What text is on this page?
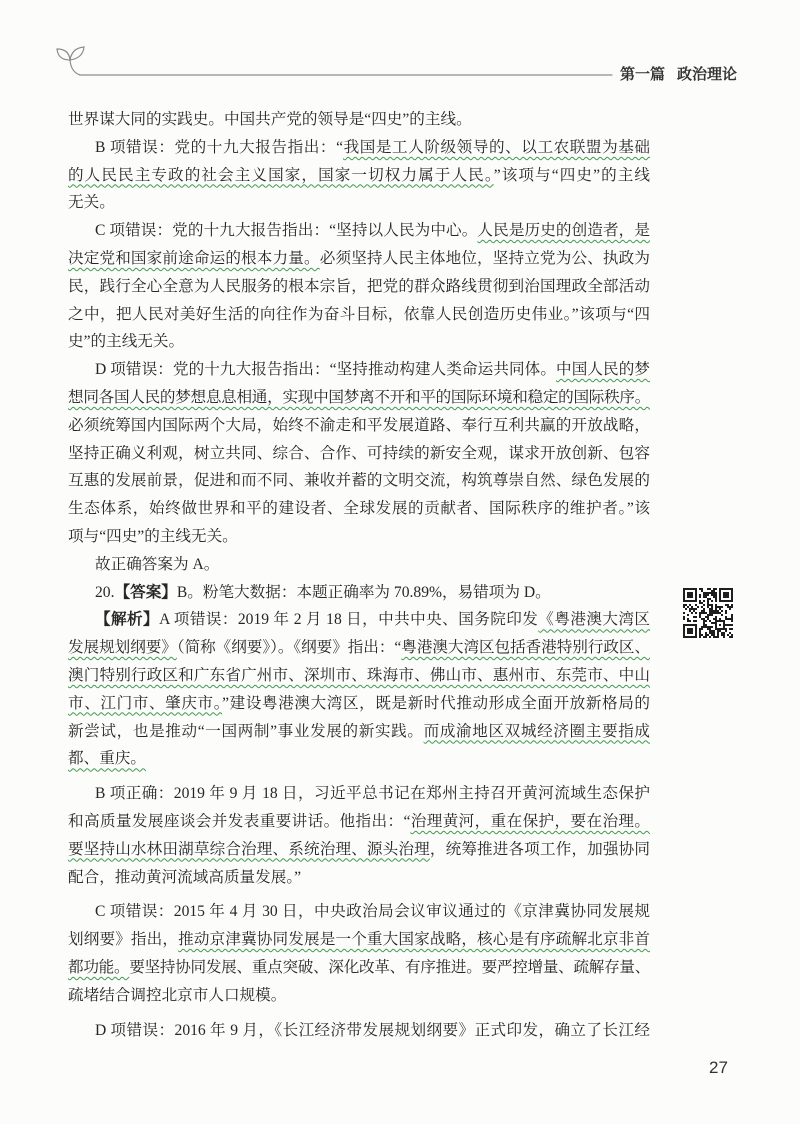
第一篇 政治理论
世界谋大同的实践史。中国共产党的领导是“四史”的主线。
B 项错误：党的十九大报告指出：“我国是工人阶级领导的、以工农联盟为基础
的人民民主专政的社会主义国家，国家一切权力属于人民。”该项与“四史”的主线
无关。
C 项错误：党的十九大报告指出：“坚持以人民为中心。人民是历史的创造者，是
决定党和国家前途命运的根本力量。必须坚持人民主体地位，坚持立党为公、执政为
民，践行全心全意为人民服务的根本宗旨，把党的群众路线贯彻到治国理政全部活动
之中，把人民对美好生活的向往作为奋斗目标，依靠人民创造历史伟业。”该项与“四
史”的主线无关。
D 项错误：党的十九大报告指出：“坚持推动构建人类命运共同体。中国人民的梦
想同各国人民的梦想息息相通，实现中国梦离不开和平的国际环境和稳定的国际秩序。
必须统筹国内国际两个大局，始终不渝走和平发展道路、奉行互利共赢的开放战略，
坚持正确义利观，树立共同、综合、合作、可持续的新安全观，谋求开放创新、包容
互惠的发展前景，促进和而不同、兼收并蓄的文明交流，构筑尊崇自然、绿色发展的
生态体系，始终做世界和平的建设者、全球发展的贡献者、国际秩序的维护者。”该
项与“四史”的主线无关。
故正确答案为 A。
20.【答案】B。粉笔大数据：本题正确率为 70.89%，易错项为 D。
【解析】A 项错误：2019 年 2 月 18 日，中共中央、国务院印发《粤港澳大湾区
发展规划纲要》（简称《纲要》）。《纲要》指出：“粤港澳大湾区包括香港特别行政区、
澳门特别行政区和广东省广州市、深圳市、珠海市、佛山市、惠州市、东莞市、中山
市、江门市、肇庆市。”建设粤港澳大湾区，既是新时代推动形成全面开放新格局的
新尝试，也是推动“一国两制”事业发展的新实践。而成渝地区双城经济圈主要指成
都、重庆。
B 项正确：2019 年 9 月 18 日，习近平总书记在郑州主持召开黄河流域生态保护
和高质量发展座谈会并发表重要讲话。他指出：“治理黄河，重在保护，要在治理。
要坚持山水林田湖草综合治理、系统治理、源头治理，统筹推进各项工作，加强协同
配合，推动黄河流域高质量发展。”
C 项错误：2015 年 4 月 30 日，中央政治局会议审议通过的《京津冀协同发展规
划纲要》指出，推动京津冀协同发展是一个重大国家战略，核心是有序疏解北京非首
都功能。要坚持协同发展、重点突破、深化改革、有序推进。要严控增量、疏解存量、
疏堵结合调控北京市人口规模。
D 项错误：2016 年 9 月，《长江经济带发展规划纲要》正式印发，确立了长江经
27
